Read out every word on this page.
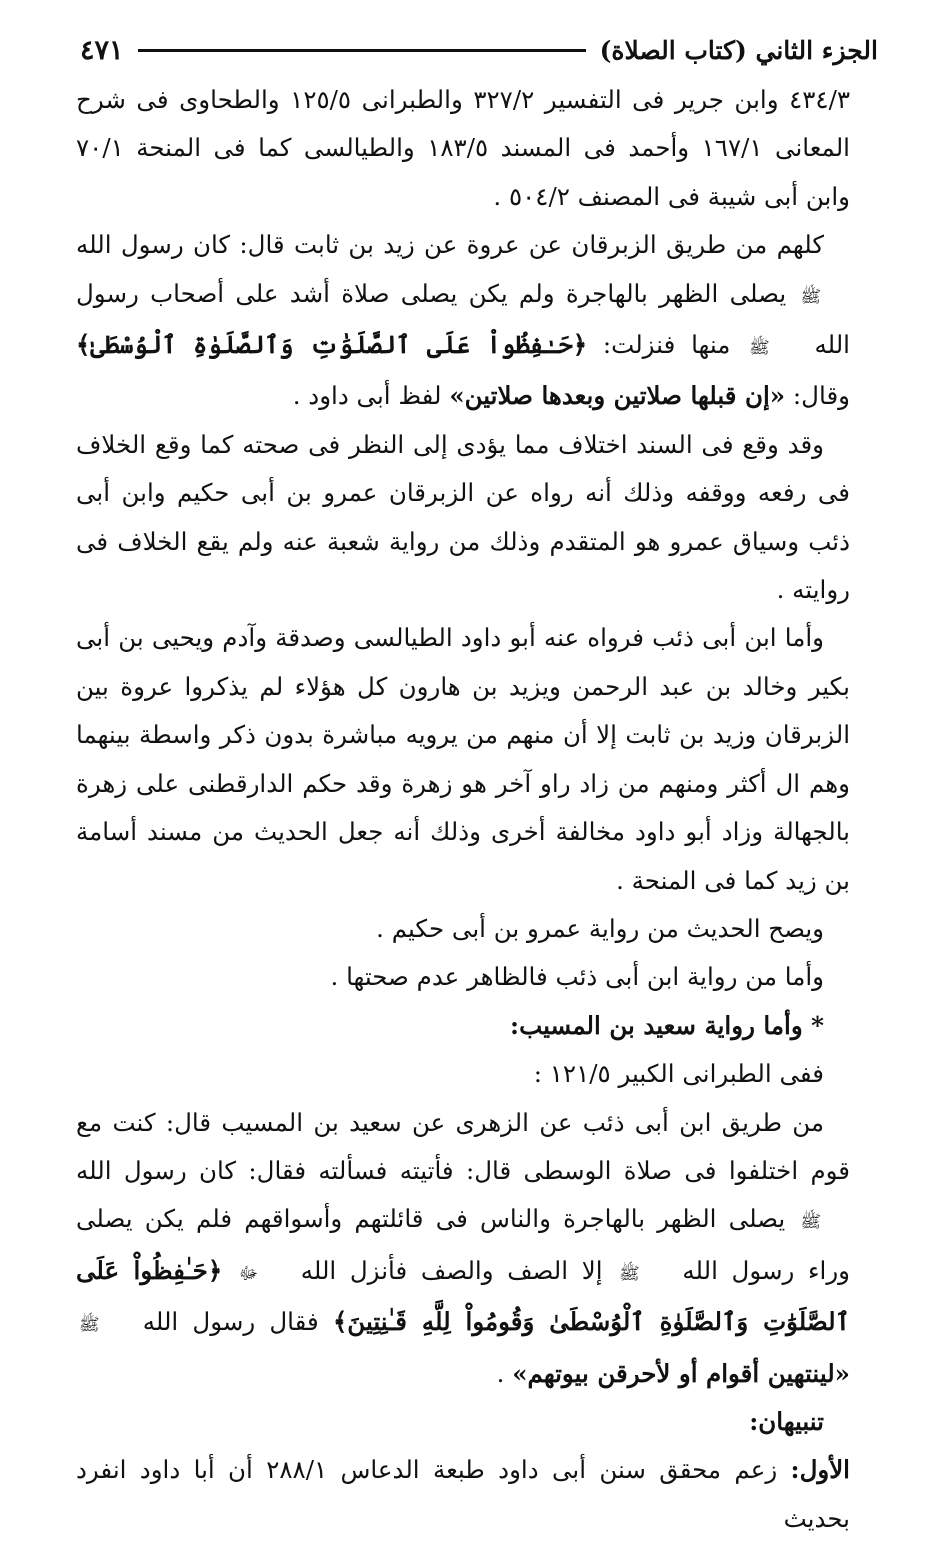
الجزء الثاني (كتاب الصلاة)
٤٧١

٤٣٤/٣ وابن جرير فى التفسير ٣٢٧/٢ والطبرانى ١٢٥/٥ والطحاوى فى شرح المعانى ١٦٧/١ وأحمد فى المسند ١٨٣/٥ والطيالسى كما فى المنحة ٧٠/١ وابن أبى شيبة فى المصنف ٥٠٤/٢ .

كلهم من طريق الزبرقان عن عروة عن زيد بن ثابت قال: كان رسول الله ﷺ يصلى الظهر بالهاجرة ولم يكن يصلى صلاة أشد على أصحاب رسول الله ﷺ منها فنزلت: ﴿حَـٰفِظُواْ عَلَى ٱلصَّلَوَٰتِ وَٱلصَّلَوٰةِ ٱلْوُسْطَىٰ﴾ وقال: «إن قبلها صلاتين وبعدها صلاتين» لفظ أبى داود .

وقد وقع فى السند اختلاف مما يؤدى إلى النظر فى صحته كما وقع الخلاف فى رفعه ووقفه وذلك أنه رواه عن الزبرقان عمرو بن أبى حكيم وابن أبى ذئب وسياق عمرو هو المتقدم وذلك من رواية شعبة عنه ولم يقع الخلاف فى روايته .

وأما ابن أبى ذئب فرواه عنه أبو داود الطيالسى وصدقة وآدم ويحيى بن أبى بكير وخالد بن عبد الرحمن ويزيد بن هارون كل هؤلاء لم يذكروا عروة بين الزبرقان وزيد بن ثابت إلا أن منهم من يرويه مباشرة بدون ذكر واسطة بينهما وهم ال أكثر ومنهم من زاد راو آخر هو زهرة وقد حكم الدارقطنى على زهرة بالجهالة وزاد أبو داود مخالفة أخرى وذلك أنه جعل الحديث من مسند أسامة بن زيد كما فى المنحة .

ويصح الحديث من رواية عمرو بن أبى حكيم .

وأما من رواية ابن أبى ذئب فالظاهر عدم صحتها .

* وأما رواية سعيد بن المسيب:

ففى الطبرانى الكبير ١٢١/٥ :

من طريق ابن أبى ذئب عن الزهرى عن سعيد بن المسيب قال: كنت مع قوم اختلفوا فى صلاة الوسطى قال: فأتيته فسألته فقال: كان رسول الله ﷺ يصلى الظهر بالهاجرة والناس فى قائلتهم وأسواقهم فلم يكن يصلى وراء رسول الله ﷺ إلا الصف والصف فأنزل الله ﷻ ﴿حَـٰفِظُواْ عَلَى ٱلصَّلَوَٰتِ وَٱلصَّلَوٰةِ ٱلْوُسْطَىٰ وَقُومُواْ لِلَّهِ قَـٰنِتِينَ﴾ فقال رسول الله ﷺ «لينتهين أقوام أو لأحرقن بيوتهم» .

تنبيهان:

الأول: زعم محقق سنن أبى داود طبعة الدعاس ٢٨٨/١ أن أبا داود انفرد بحديث
